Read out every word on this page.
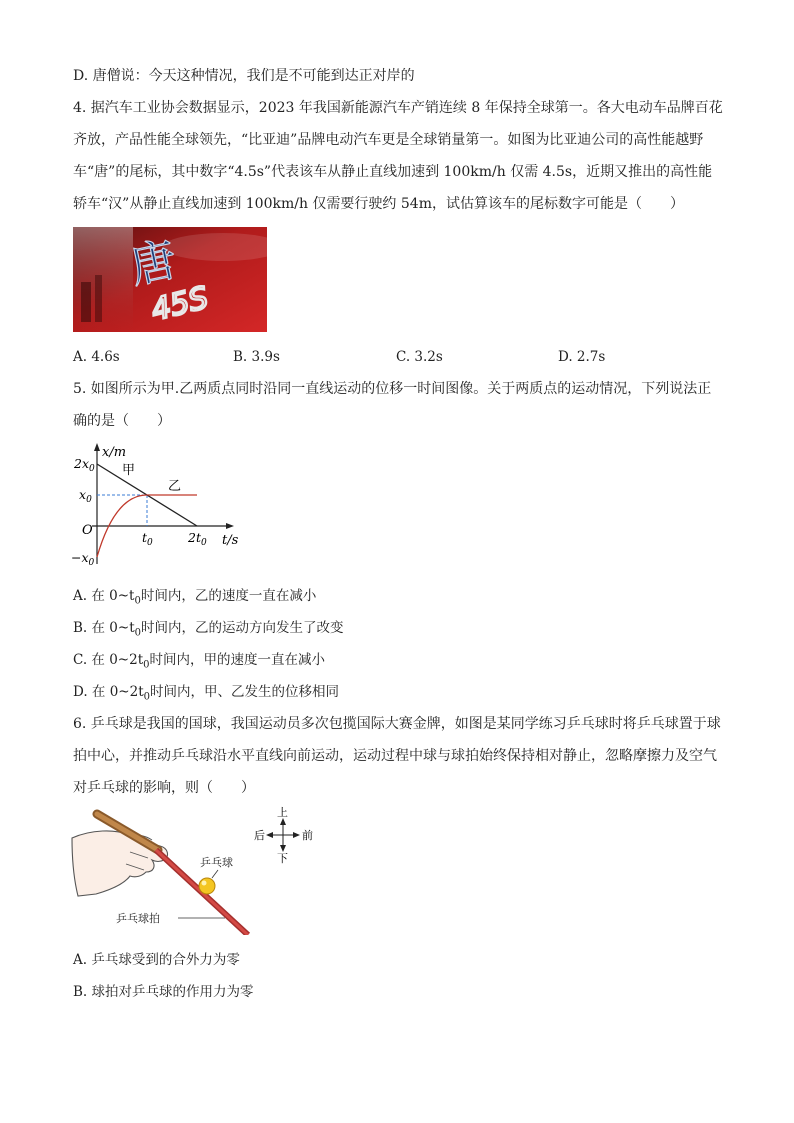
D. 唐僧说：今天这种情况，我们是不可能到达正对岸的
4. 据汽车工业协会数据显示，2023 年我国新能源汽车产销连续 8 年保持全球第一。各大电动车品牌百花
齐放，产品性能全球领先，“比亚迪”品牌电动汽车更是全球销量第一。如图为比亚迪公司的高性能越野
车“唐”的尾标，其中数字“4.5s”代表该车从静止直线加速到 100km/h 仅需 4.5s，近期又推出的高性能
轿车“汉”从静止直线加速到 100km/h 仅需要行驶约 54m，试估算该车的尾标数字可能是（　　）
唐
45S
A. 4.6s	B. 3.9s	C. 3.2s	D. 2.7s
5. 如图所示为甲.乙两质点同时沿同一直线运动的位移一时间图像。关于两质点的运动情况，下列说法正
确的是（　　）
x/m
t/s
$2x_0$
$x_0$
$-x_0$
O	$t_0$	$2t_0$
甲
乙
A. 在 $0\sim t_0$时间内，乙的速度一直在减小
B. 在 $0\sim t_0$时间内，乙的运动方向发生了改变
C. 在 $0\sim 2t_0$时间内，甲的速度一直在减小
D. 在 $0\sim 2t_0$时间内，甲、乙发生的位移相同
6. 乒乓球是我国的国球，我国运动员多次包揽国际大赛金牌，如图是某同学练习乒乓球时将乒乓球置于球
拍中心，并推动乒乓球沿水平直线向前运动，运动过程中球与球拍始终保持相对静止，忽略摩擦力及空气
对乒乓球的影响，则（　　）
乒乓球
乒乓球拍
上
下
后	前
A. 乒乓球受到的合外力为零
B. 球拍对乒乓球的作用力为零
